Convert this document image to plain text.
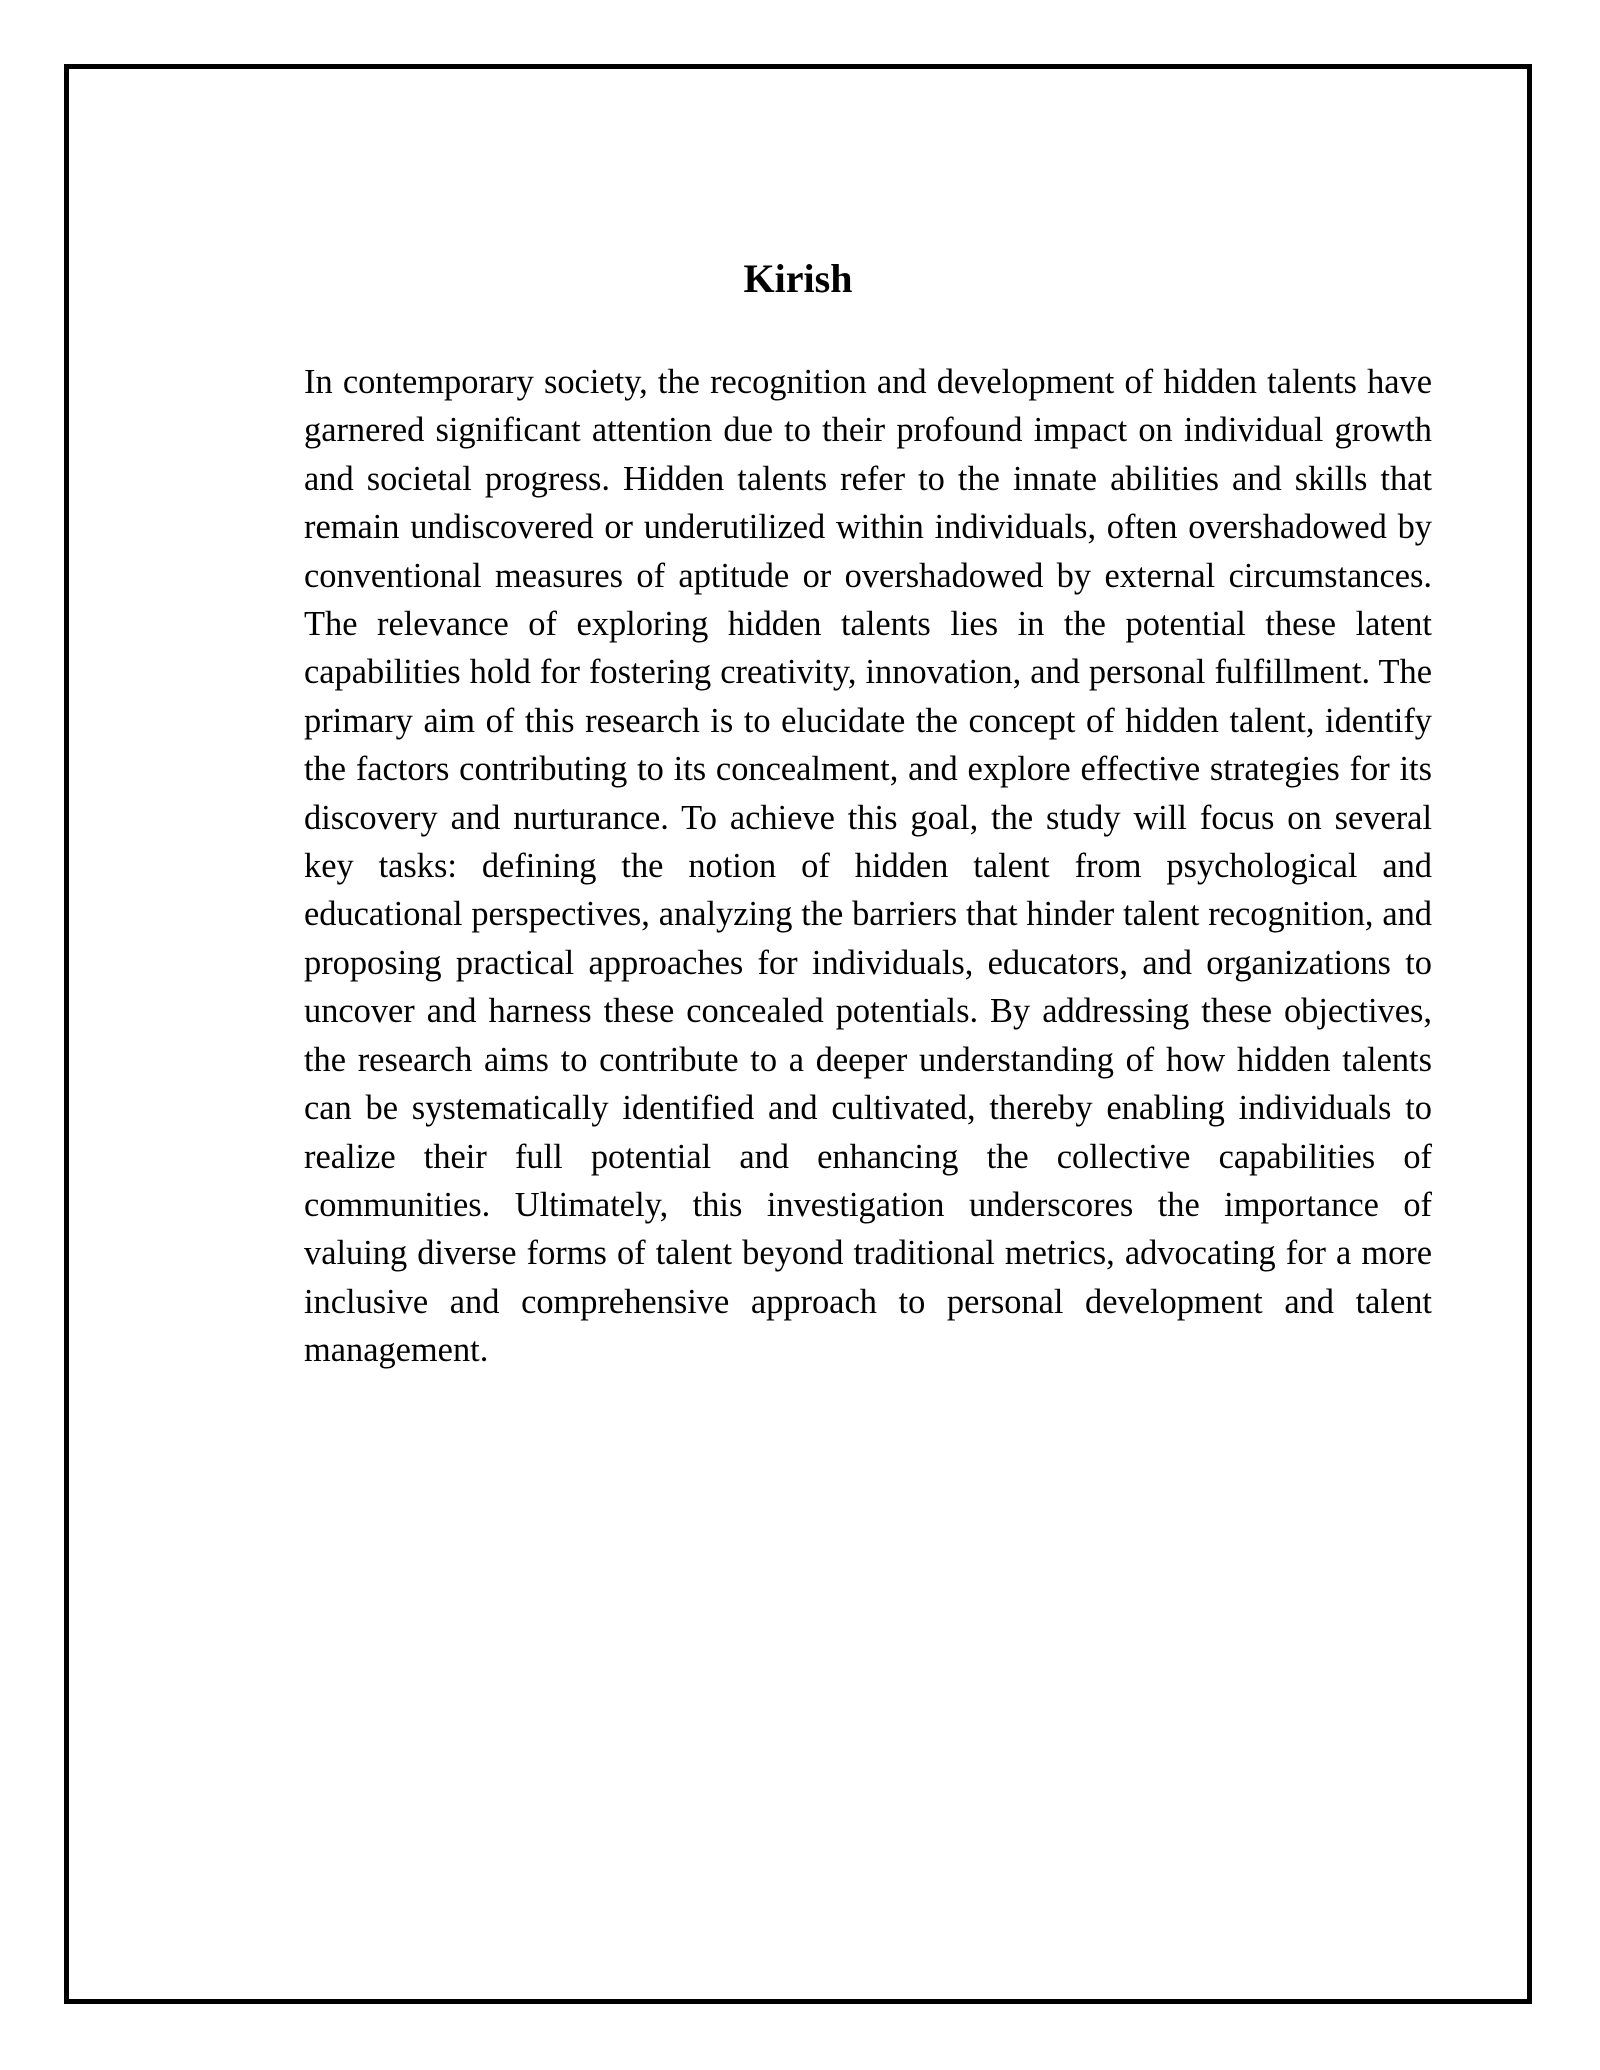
Kirish

In contemporary society, the recognition and development of hidden talents have garnered significant attention due to their profound impact on individual growth and societal progress. Hidden talents refer to the innate abilities and skills that remain undiscovered or underutilized within individuals, often overshadowed by conventional measures of aptitude or overshadowed by external circumstances. The relevance of exploring hidden talents lies in the potential these latent capabilities hold for fostering creativity, innovation, and personal fulfillment. The primary aim of this research is to elucidate the concept of hidden talent, identify the factors contributing to its concealment, and explore effective strategies for its discovery and nurturance. To achieve this goal, the study will focus on several key tasks: defining the notion of hidden talent from psychological and educational perspectives, analyzing the barriers that hinder talent recognition, and proposing practical approaches for individuals, educators, and organizations to uncover and harness these concealed potentials. By addressing these objectives, the research aims to contribute to a deeper understanding of how hidden talents can be systematically identified and cultivated, thereby enabling individuals to realize their full potential and enhancing the collective capabilities of communities. Ultimately, this investigation underscores the importance of valuing diverse forms of talent beyond traditional metrics, advocating for a more inclusive and comprehensive approach to personal development and talent management.
